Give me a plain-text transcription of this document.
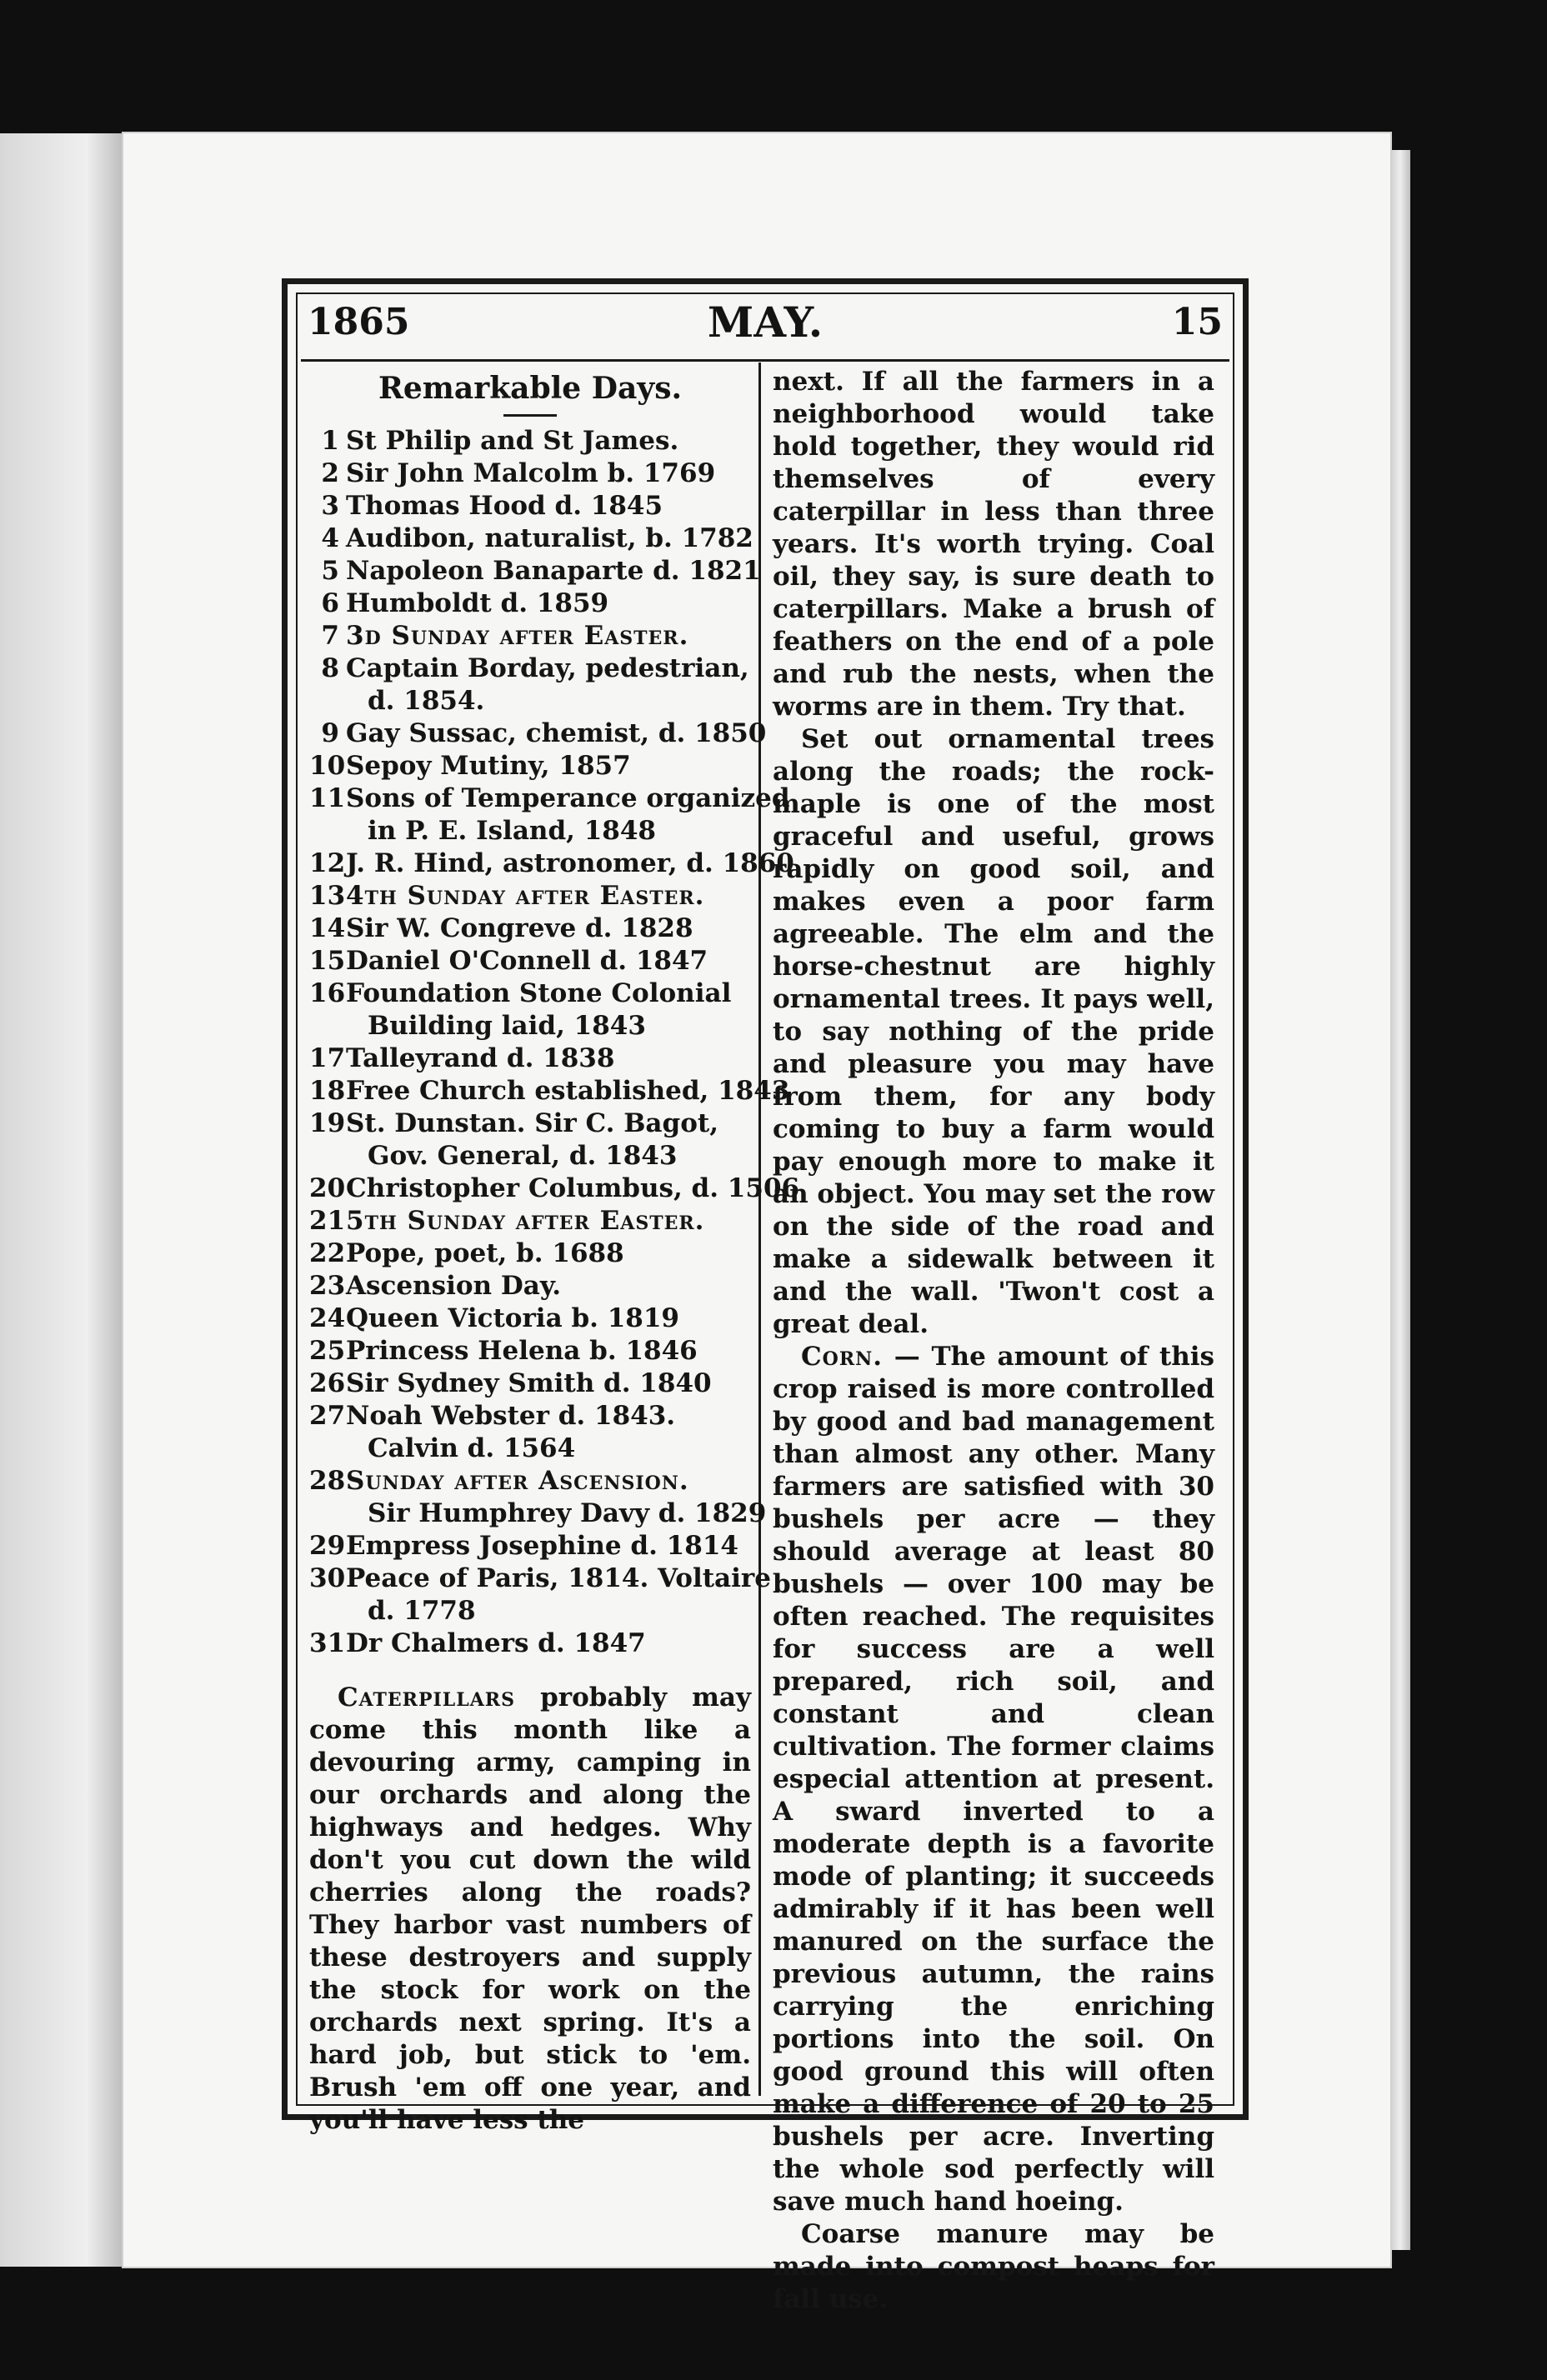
1865	MAY.	15
Remarkable Days.
1 St Philip and St James.
2 Sir John Malcolm b. 1769
3 Thomas Hood d. 1845
4 Audibon, naturalist, b. 1782
5 Napoleon Banaparte d. 1821
6 Humboldt d. 1859
7 3d Sunday after Easter.
8 Captain Borday, pedestrian,
d. 1854.
9 Gay Sussac, chemist, d. 1850
10Sepoy Mutiny, 1857
11Sons of Temperance organized
in P. E. Island, 1848
12J. R. Hind, astronomer, d. 1860
134th Sunday after Easter.
14Sir W. Congreve d. 1828
15Daniel O'Connell d. 1847
16Foundation Stone Colonial
Building laid, 1843
17Talleyrand d. 1838
18Free Church established, 1843
19St. Dunstan. Sir C. Bagot,
Gov. General, d. 1843
20Christopher Columbus, d. 1506
215th Sunday after Easter.
22Pope, poet, b. 1688
23Ascension Day.
24Queen Victoria b. 1819
25Princess Helena b. 1846
26Sir Sydney Smith d. 1840
27Noah Webster d. 1843.
Calvin d. 1564
28Sunday after Ascension.
Sir Humphrey Davy d. 1829
29Empress Josephine d. 1814
30Peace of Paris, 1814. Voltaire
d. 1778
31Dr Chalmers d. 1847

Caterpillars probably may come this month like a devouring army, camping in our orchards and along the highways and hedges. Why don't you cut down the wild cherries along the roads? They harbor vast numbers of these destroyers and supply the stock for work on the orchards next spring. It's a hard job, but stick to 'em. Brush 'em off one year, and you'll have less the

next. If all the farmers in a neighborhood would take hold together, they would rid themselves of every caterpillar in less than three years. It's worth trying. Coal oil, they say, is sure death to caterpillars. Make a brush of feathers on the end of a pole and rub the nests, when the worms are in them. Try that.

Set out ornamental trees along the roads; the rock-maple is one of the most graceful and useful, grows rapidly on good soil, and makes even a poor farm agreeable. The elm and the horse-chestnut are highly ornamental trees. It pays well, to say nothing of the pride and pleasure you may have from them, for any body coming to buy a farm would pay enough more to make it an object. You may set the row on the side of the road and make a sidewalk between it and the wall. 'Twon't cost a great deal.

Corn. — The amount of this crop raised is more controlled by good and bad management than almost any other. Many farmers are satisfied with 30 bushels per acre — they should average at least 80 bushels — over 100 may be often reached. The requisites for success are a well prepared, rich soil, and constant and clean cultivation. The former claims especial attention at present. A sward inverted to a moderate depth is a favorite mode of planting; it succeeds admirably if it has been well manured on the surface the previous autumn, the rains carrying the enriching portions into the soil. On good ground this will often make a difference of 20 to 25 bushels per acre. Inverting the whole sod perfectly will save much hand hoeing.

Coarse manure may be made into compost heaps for fall use.
